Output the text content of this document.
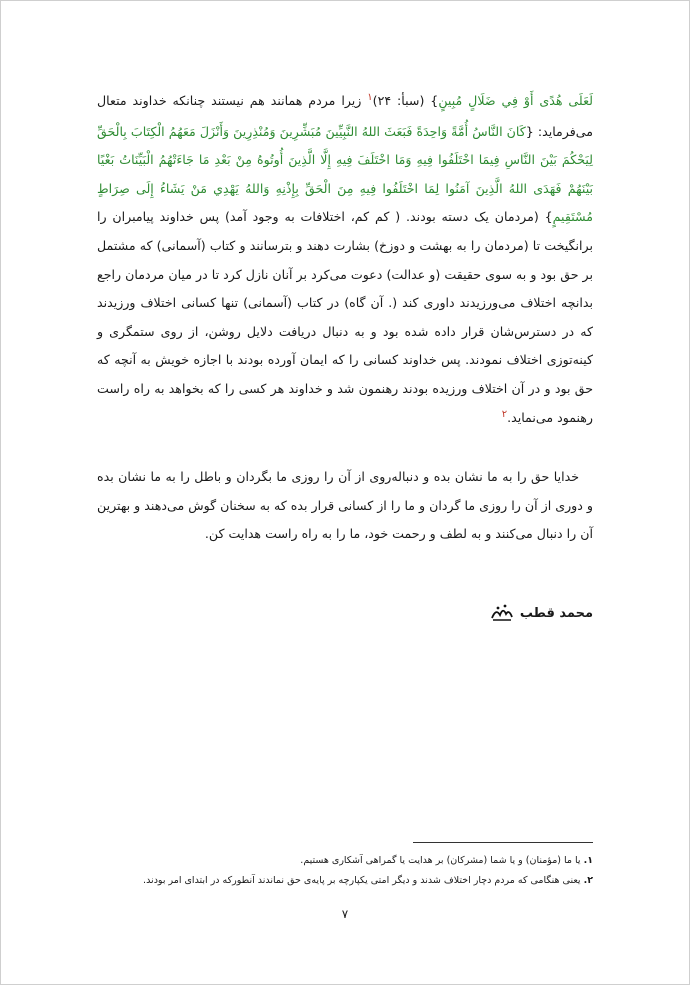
لَعَلَى هُدًى أَوْ فِي ضَلَالٍ مُبِينٍ} (سبأ: ۲۴)$^۱$ زیرا مردم همانند هم نیستند چنانکه خداوند متعال می‌فرماید: {كَانَ النَّاسُ أُمَّةً وَاحِدَةً فَبَعَثَ اللهُ النَّبِيِّينَ مُبَشِّرِينَ وَمُنْذِرِينَ وَأَنْزَلَ مَعَهُمُ الْكِتَابَ بِالْحَقِّ لِيَحْكُمَ بَيْنَ النَّاسِ فِيمَا اخْتَلَفُوا فِيهِ وَمَا اخْتَلَفَ فِيهِ إِلَّا الَّذِينَ أُوتُوهُ مِنْ بَعْدِ مَا جَاءَتْهُمُ الْبَيِّنَاتُ بَغْيًا بَيْنَهُمْ فَهَدَى اللهُ الَّذِينَ آمَنُوا لِمَا اخْتَلَفُوا فِيهِ مِنَ الْحَقِّ بِإِذْنِهِ وَاللهُ يَهْدِي مَنْ يَشَاءُ إِلَى صِرَاطٍ مُسْتَقِيمٍ} (مردمان یک دسته بودند. ( کم کم، اختلافات به وجود آمد) پس خداوند پیامبران را برانگیخت تا (مردمان را به بهشت و دوزخ) بشارت دهند و بترسانند و کتاب (آسمانی) که مشتمل بر حق بود و به سوی حقیقت (و عدالت) دعوت می‌کرد بر آنان نازل کرد تا در میان مردمان راجع بدانچه اختلاف می‌ورزیدند داوری کند (. آن گاه) در کتاب (آسمانی) تنها کسانی اختلاف ورزیدند که در دسترس‌شان قرار داده شده بود و به دنبال دریافت دلایل روشن، از روی ستمگری و کینه‌توزی اختلاف نمودند. پس خداوند کسانی را که ایمان آورده بودند با اجازه خویش به آنچه که حق بود و در آن اختلاف ورزیده بودند رهنمون شد و خداوند هر کسی را که بخواهد به راه راست رهنمود می‌نماید.$^۲$
خدایا حق را به ما نشان بده و دنباله‌روی از آن را روزی ما بگردان و باطل را به ما نشان بده و دوری از آن را روزی ما گردان و ما را از کسانی قرار بده که به سخنان گوش می‌دهند و بهترین آن را دنبال می‌کنند و به لطف و رحمت خود، ما را به راه راست هدایت کن.
محمد قطب
۱. یا ما (مؤمنان) و یا شما (مشرکان) بر هدایت یا گمراهی آشکاری هستیم.
۲. یعنی هنگامی که مردم دچار اختلاف شدند و دیگر امتی یکپارچه بر پایه‌ی حق نماندند آنطورکه در ابتدای امر بودند.
۷
